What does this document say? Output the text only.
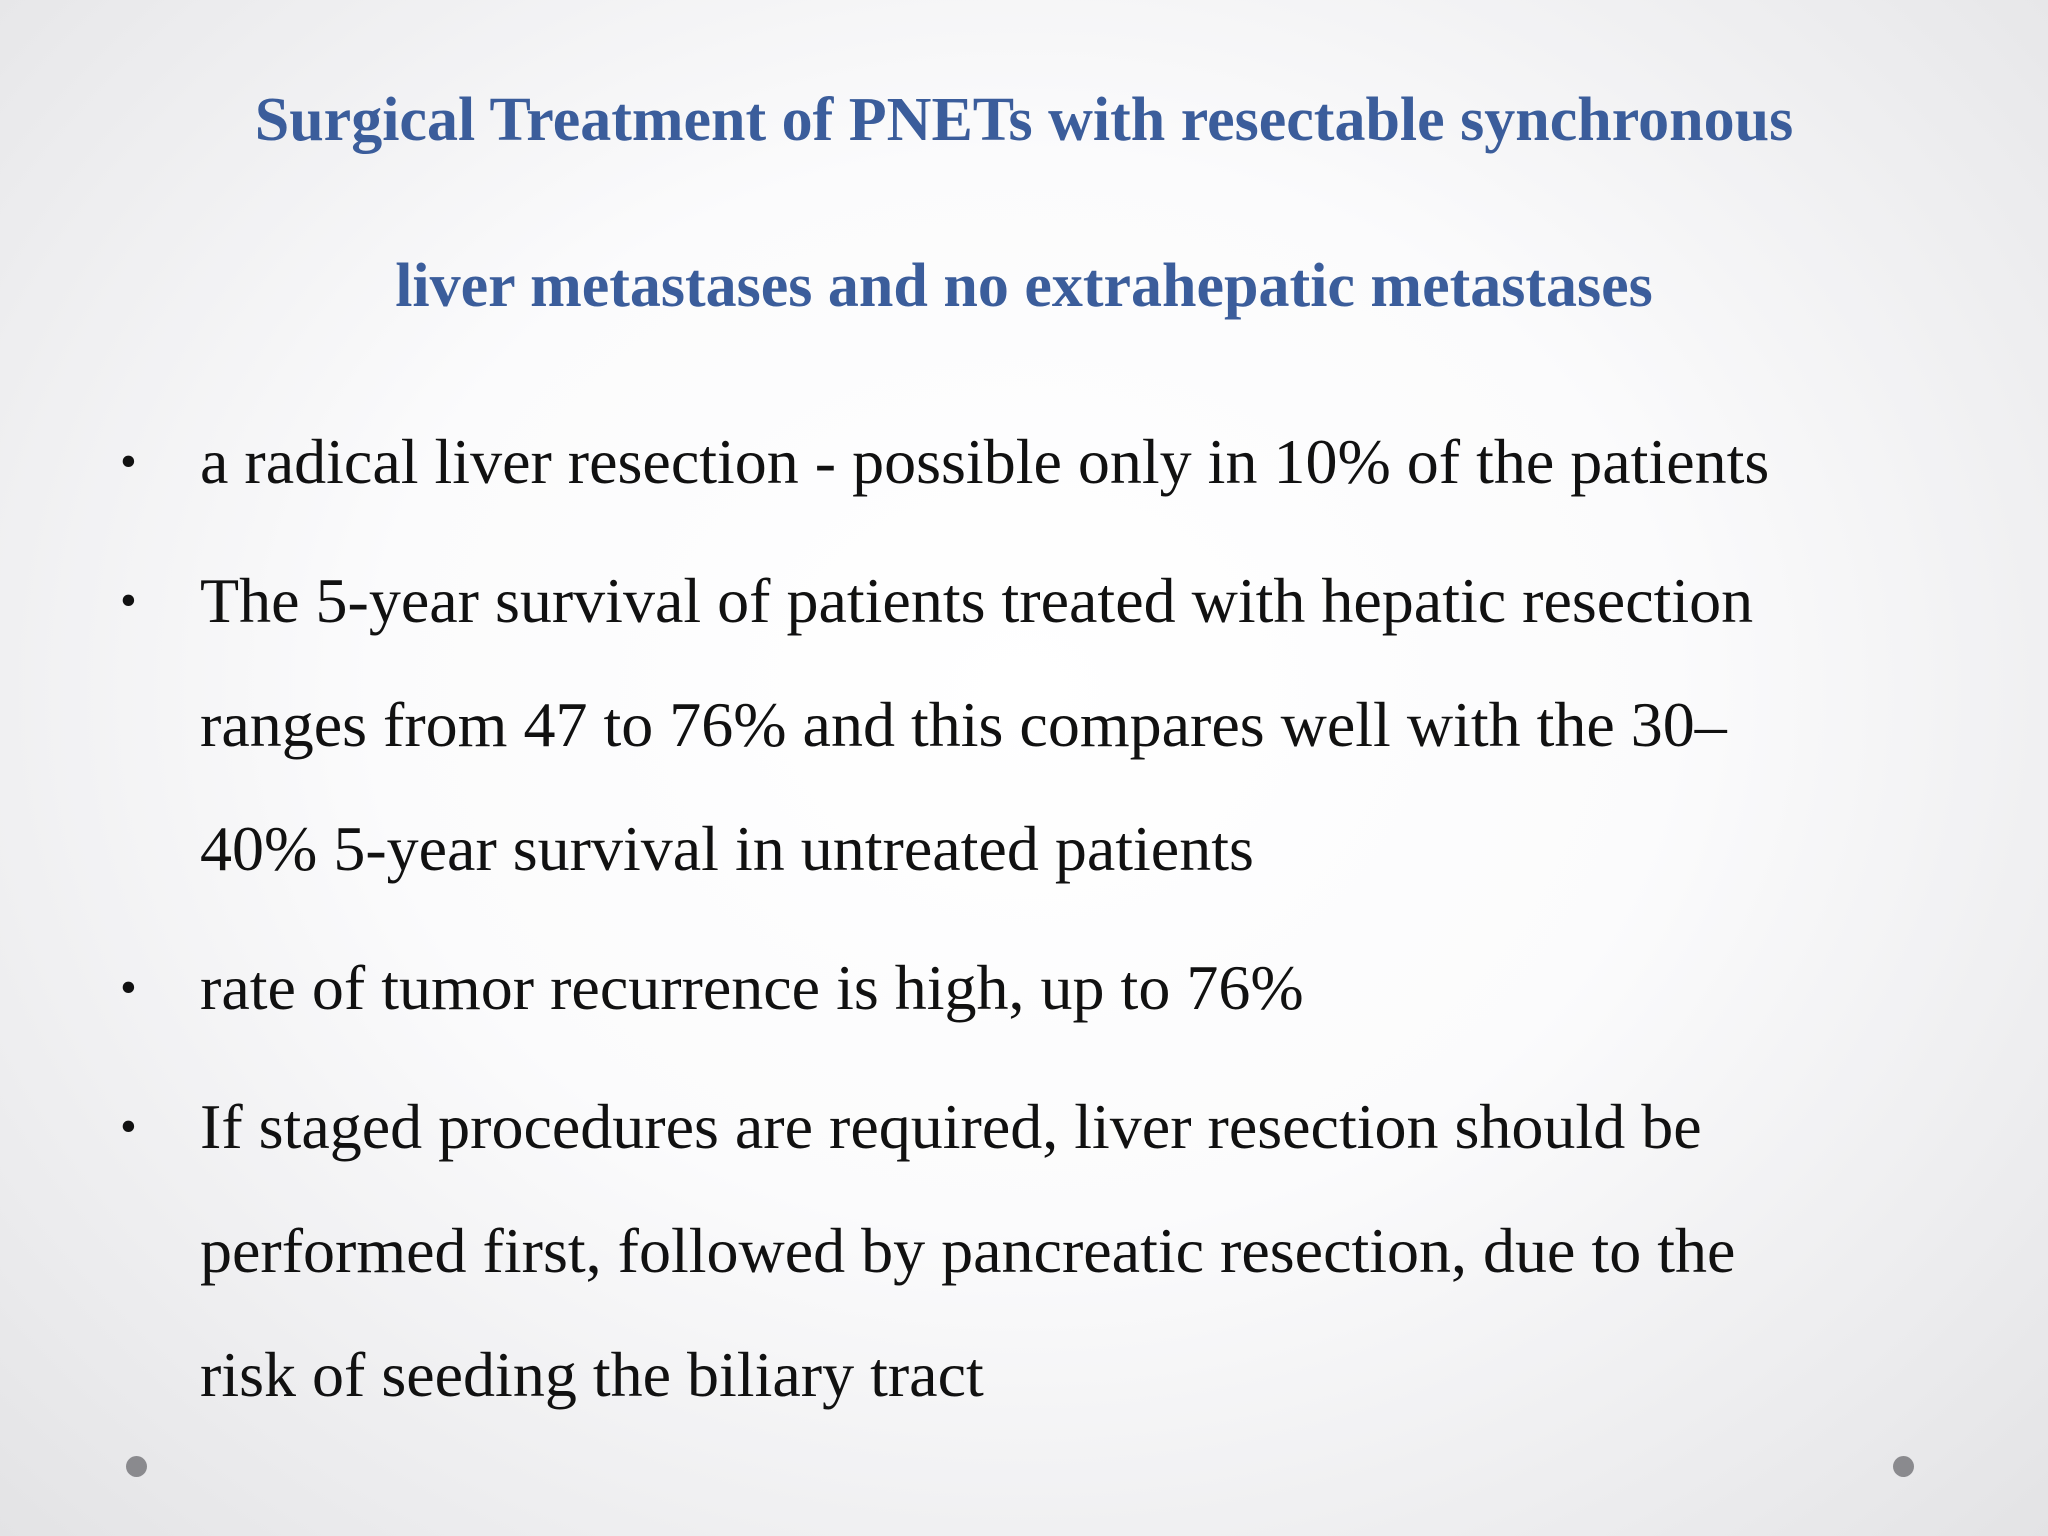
Surgical Treatment of PNETs with resectable synchronous
liver metastases and no extrahepatic metastases
• a radical liver resection - possible only in 10% of the patients
• The 5-year survival of patients treated with hepatic resection
ranges from 47 to 76% and this compares well with the 30–
40% 5-year survival in untreated patients
• rate of tumor recurrence is high, up to 76%
• If staged procedures are required, liver resection should be
performed first, followed by pancreatic resection, due to the
risk of seeding the biliary tract
